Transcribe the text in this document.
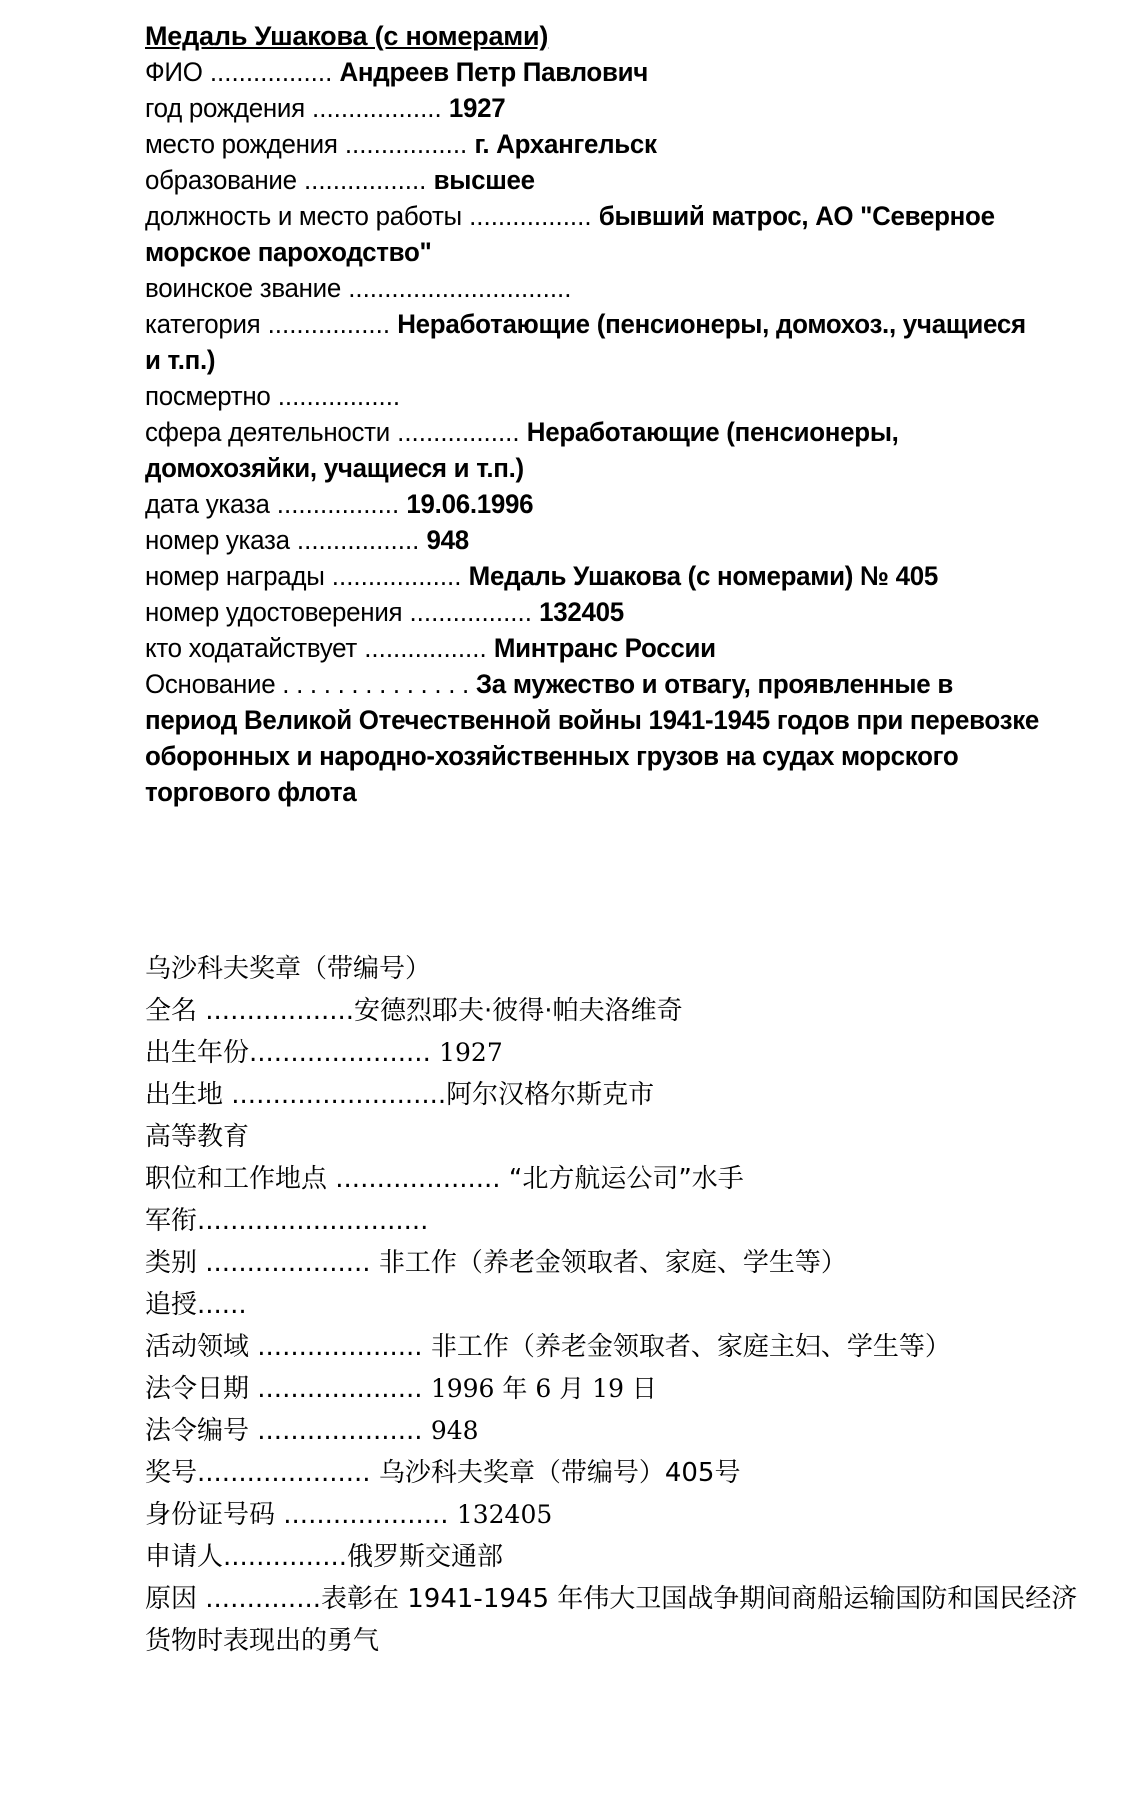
Медаль Ушакова (с номерами)
ФИО ................. Андреев Петр Павлович
год рождения .................. 1927
место рождения ................. г. Архангельск
образование ................. высшее
должность и место работы ................. бывший матрос, АО "Северное морское пароходство"
воинское звание ...............................
категория ................. Неработающие (пенсионеры, домохоз., учащиеся и т.п.)
посмертно .................
сфера деятельности ................. Неработающие (пенсионеры, домохозяйки, учащиеся и т.п.)
дата указа ................. 19.06.1996
номер указа ................. 948
номер награды .................. Медаль Ушакова (с номерами) № 405
номер удостоверения ................. 132405
кто ходатайствует ................. Минтранс России
Основание . . . . . . . . . . . . . . За мужество и отвагу, проявленные в период Великой Отечественной войны 1941-1945 годов при перевозке оборонных и народно-хозяйственных грузов на судах морского торгового флота
乌沙科夫奖章（带编号）
全名 ..................安德烈耶夫·彼得·帕夫洛维奇
出生年份...................... 1927
出生地 ..........................阿尔汉格尔斯克市
高等教育
职位和工作地点 .................... “北方航运公司”水手
军衔............................
类别 .................... 非工作（养老金领取者、家庭、学生等）
追授......
活动领域 .................... 非工作（养老金领取者、家庭主妇、学生等）
法令日期 .................... 1996 年 6 月 19 日
法令编号 .................... 948
奖号..................... 乌沙科夫奖章（带编号）405号
身份证号码 .................... 132405
申请人...............俄罗斯交通部
原因 ..............表彰在 1941-1945 年伟大卫国战争期间商船运输国防和国民经济货物时表现出的勇气
